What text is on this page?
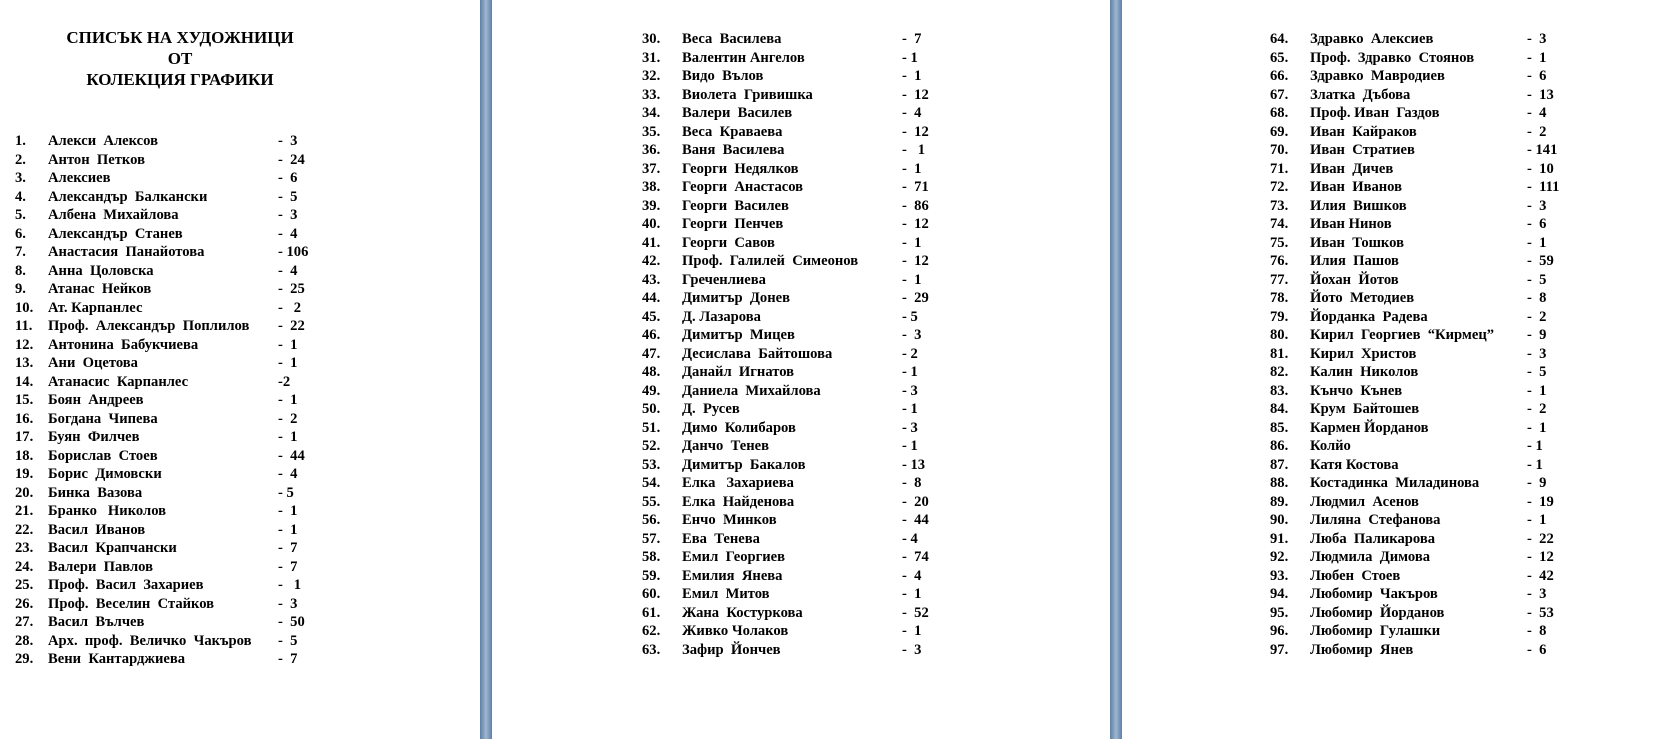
СПИСЪК НА ХУДОЖНИЦИ
ОТ
КОЛЕКЦИЯ ГРАФИКИ
1. Алекси  Алексов	-  3
2. Антон  Петков	-  24
3. Алексиев	-  6
4. Александър  Балкански	-  5
5. Албена  Михайлова	-  3
6. Александър  Станев	-  4
7. Анастасия  Панайотова	- 106
8. Анна  Цоловска	-  4
9. Атанас  Нейков	-  25
10. Ат. Карпанлес	-   2
11. Проф.  Александър  Поплилов -  22
12. Антонина  Бабукчиева	-  1
13. Ани  Оцетова	-  1
14. Атанасис  Карпанлес	-2
15. Боян  Андреев	-  1
16. Богдана  Чипева	-  2
17. Буян  Филчев	-  1
18. Борислав  Стоев	-  44
19. Борис  Димовски	-  4
20. Бинка  Вазова	- 5
21. Бранко   Николов	-  1
22. Васил  Иванов	-  1
23. Васил  Крапчански	-  7
24. Валери  Павлов	-  7
25. Проф.  Васил  Захариев	-   1
26. Проф.  Веселин  Стайков	-  3
27. Васил  Вълчев	-  50
28. Арх.  проф.  Величко  Чакъров -  5
29. Вени  Кантарджиева	-  7
30. Веса  Василева	-  7
31. Валентин Ангелов	- 1
32. Видо  Вълов	-  1
33. Виолета  Гривишка	-  12
34. Валери  Василев	-  4
35. Веса  Краваева	-  12
36. Ваня  Василева	-   1
37. Георги  Недялков	-  1
38. Георги  Анастасов	-  71
39. Георги  Василев	-  86
40. Георги  Пенчев	-  12
41. Георги  Савов	-  1
42. Проф.  Галилей  Симеонов	-  12
43. Греченлиева	-  1
44. Димитър  Донев	-  29
45. Д. Лазарова	- 5
46. Димитър  Мицев	-  3
47. Десислава  Байтошова	- 2
48. Данайл  Игнатов	- 1
49. Даниела  Михайлова	- 3
50. Д.  Русев	- 1
51. Димо  Колибаров	- 3
52. Данчо  Тенев	- 1
53. Димитър  Бакалов	- 13
54. Елка   Захариева	-  8
55. Елка  Найденова	-  20
56. Енчо  Минков	-  44
57. Ева  Тенева	- 4
58. Емил  Георгиев	-  74
59. Емилия  Янева	-  4
60. Емил  Митов	-  1
61. Жана  Костуркова	-  52
62. Живко Чолаков	-  1
63. Зафир  Йончев	-  3
64. Здравко  Алексиев	-  3
65. Проф.  Здравко  Стоянов	-  1
66. Здравко  Мавродиев	-  6
67. Златка  Дъбова	-  13
68. Проф. Иван  Газдов	-  4
69. Иван  Кайраков	-  2
70. Иван  Стратиев	- 141
71. Иван  Дичев	-  10
72. Иван  Иванов	-  111
73. Илия  Вишков	-  3
74. Иван Нинов	-  6
75. Иван  Тошков	-  1
76. Илия  Пашов	-  59
77. Йохан  Йотов	-  5
78. Йото  Методиев	-  8
79. Йорданка  Радева	-  2
80. Кирил  Георгиев  “Кирмец” -  9
81. Кирил  Христов	-  3
82. Калин  Николов	-  5
83. Кънчо  Кънев	-  1
84. Крум  Байтошев	-  2
85. Кармен Йорданов	-  1
86. Колйо	- 1
87. Катя Костова	- 1
88. Костадинка  Миладинова	-  9
89. Людмил  Асенов	-  19
90. Лиляна  Стефанова	-  1
91. Люба  Паликарова	-  22
92. Людмила  Димова	-  12
93. Любен  Стоев	-  42
94. Любомир  Чакъров	-  3
95. Любомир  Йорданов	-  53
96. Любомир  Гулашки	-  8
97. Любомир  Янев	-  6
